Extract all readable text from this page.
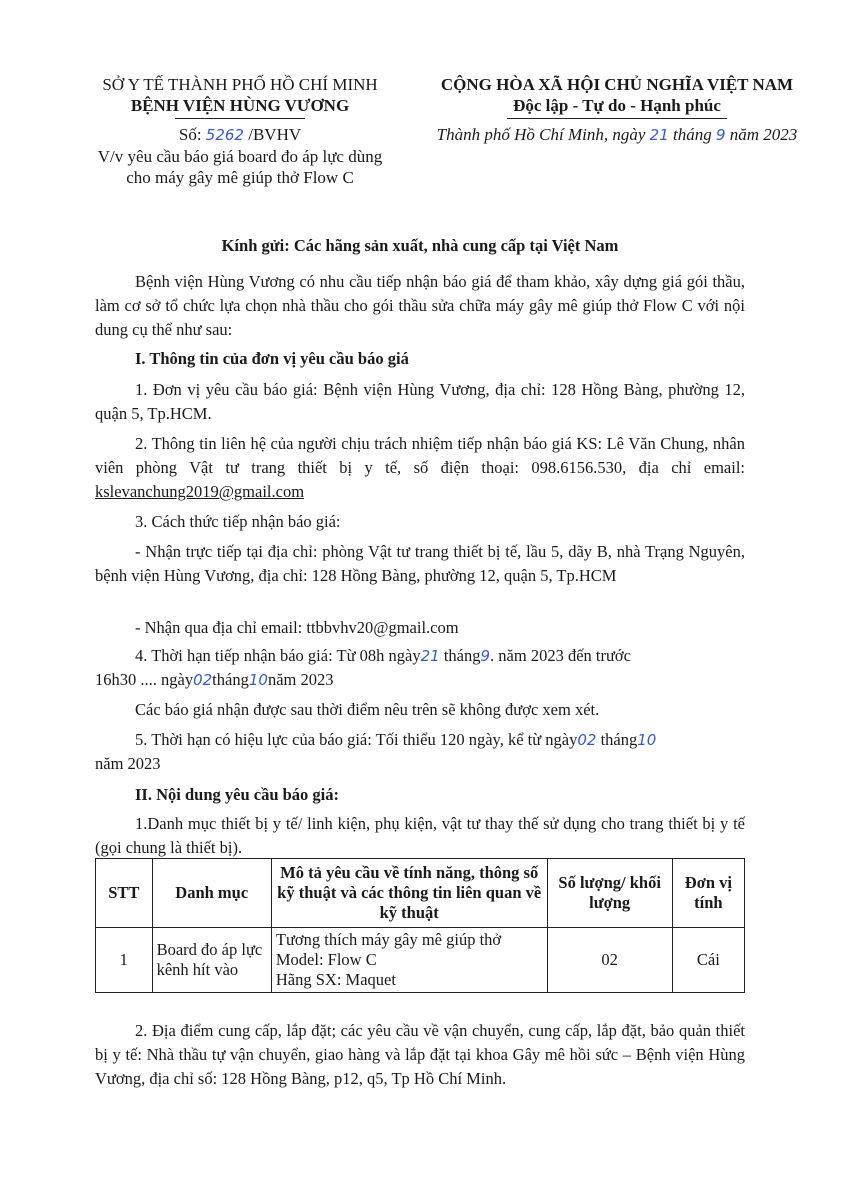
SỞ Y TẾ THÀNH PHỐ HỒ CHÍ MINH
BỆNH VIỆN HÙNG VƯƠNG
Số: 5262 /BVHV
V/v yêu cầu báo giá board đo áp lực dùng
cho máy gây mê giúp thở Flow C
CỘNG HÒA XÃ HỘI CHỦ NGHĨA VIỆT NAM
Độc lập - Tự do - Hạnh phúc
Thành phố Hồ Chí Minh, ngày 21 tháng 9 năm 2023
Kính gửi: Các hãng sản xuất, nhà cung cấp tại Việt Nam
Bệnh viện Hùng Vương có nhu cầu tiếp nhận báo giá để tham khảo, xây dựng giá gói thầu, làm cơ sở tổ chức lựa chọn nhà thầu cho gói thầu sửa chữa máy gây mê giúp thở Flow C với nội dung cụ thể như sau:
I. Thông tin của đơn vị yêu cầu báo giá
1. Đơn vị yêu cầu báo giá: Bệnh viện Hùng Vương, địa chỉ: 128 Hồng Bàng, phường 12, quận 5, Tp.HCM.
2. Thông tin liên hệ của người chịu trách nhiệm tiếp nhận báo giá KS: Lê Văn Chung, nhân viên phòng Vật tư trang thiết bị y tế, số điện thoại: 098.6156.530, địa chỉ email: kslevanchung2019@gmail.com
3. Cách thức tiếp nhận báo giá:
- Nhận trực tiếp tại địa chỉ: phòng Vật tư trang thiết bị tế, lầu 5, dãy B, nhà Trạng Nguyên, bệnh viện Hùng Vương, địa chỉ: 128 Hồng Bàng, phường 12, quận 5, Tp.HCM
- Nhận qua địa chỉ email: ttbbvhv20@gmail.com
4. Thời hạn tiếp nhận báo giá: Từ 08h ngày21 tháng9. năm 2023 đến trước
16h30 .... ngày02tháng10năm 2023
Các báo giá nhận được sau thời điểm nêu trên sẽ không được xem xét.
5. Thời hạn có hiệu lực của báo giá: Tối thiểu 120 ngày, kể từ ngày02 tháng10
năm 2023
II. Nội dung yêu cầu báo giá:
1.Danh mục thiết bị y tế/ linh kiện, phụ kiện, vật tư thay thế sử dụng cho trang thiết bị y tế (gọi chung là thiết bị).
STT	Danh mục	Mô tả yêu cầu về tính năng, thông số kỹ thuật và các thông tin liên quan về kỹ thuật	Số lượng/ khối lượng	Đơn vị tính
1	Board đo áp lực kênh hít vào	Tương thích máy gây mê giúp thở
Model: Flow C
Hãng SX: Maquet	02	Cái
2. Địa điểm cung cấp, lắp đặt; các yêu cầu về vận chuyển, cung cấp, lắp đặt, bảo quản thiết bị y tế: Nhà thầu tự vận chuyển, giao hàng và lắp đặt tại khoa Gây mê hồi sức – Bệnh viện Hùng Vương, địa chỉ số: 128 Hồng Bàng, p12, q5, Tp Hồ Chí Minh.
